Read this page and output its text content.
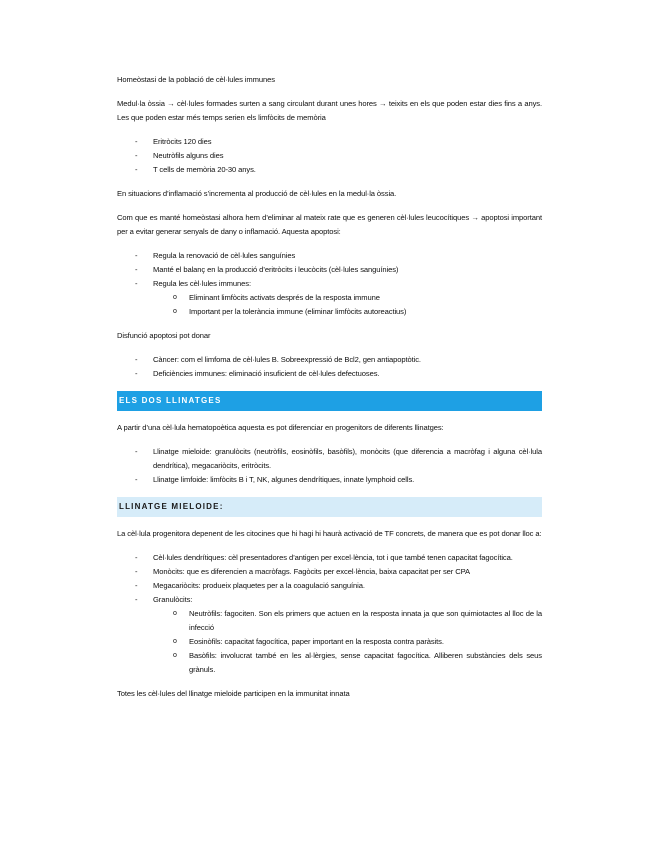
Homeòstasi de la població de cèl·lules immunes

Medul·la òssia → cèl·lules formades surten a sang circulant durant unes hores → teixits en els que poden estar dies fins a anys. Les que poden estar més temps serien els limfòcits de memòria

- Eritròcits 120 dies
- Neutròfils alguns dies
- T cells de memòria 20-30 anys.

En situacions d’inflamació s’incrementa al producció de cèl·lules en la medul·la òssia.

Com que es manté homeòstasi alhora hem d’eliminar al mateix rate que es generen cèl·lules leucocítiques → apoptosi important per a evitar generar senyals de dany o inflamació. Aquesta apoptosi:

- Regula la renovació de cèl·lules sanguínies
- Manté el balanç en la producció d’eritròcits i leucòcits (cèl·lules sanguínies)
- Regula les cèl·lules immunes:
o Eliminant limfòcits activats després de la resposta immune
o Important per la tolerància immune (eliminar limfòcits autoreactius)

Disfunció apoptosi pot donar

- Càncer: com el limfoma de cèl·lules B. Sobreexpressió de Bcl2, gen antiapoptòtic.
- Deficiències immunes: eliminació insuficient de cèl·lules defectuoses.
ELS DOS LLINATGES

A partir d’una cèl·lula hematopoètica aquesta es pot diferenciar en progenitors de diferents llinatges:

- Llinatge mieloide: granulòcits (neutròfils, eosinòfils, basòfils), monòcits (que diferencia a macròfag i alguna cèl·lula dendrítica), megacariòcits, eritròcits.
- Llinatge limfoide: limfòcits B i T, NK, algunes dendrítiques, innate lymphoid cells.
LLINATGE MIELOIDE:

La cèl·lula progenitora depenent de les citocines que hi hagi hi haurà activació de TF concrets, de manera que es pot donar lloc a:

- Cèl·lules dendrítiques: cèl presentadores d’antigen per excel·lència, tot i que també tenen capacitat fagocítica.
- Monòcits: que es diferencien a macròfags. Fagòcits per excel·lència, baixa capacitat per ser CPA
- Megacariòcits: produeix plaquetes per a la coagulació sanguínia.
- Granulòcits:
o Neutròfils: fagociten. Son els primers que actuen en la resposta innata ja que son quimiotactes al lloc de la infecció
o Eosinòfils: capacitat fagocítica, paper important en la resposta contra paràsits.
o Basòfils: involucrat també en les al·lèrgies, sense capacitat fagocítica. Alliberen substàncies dels seus grànuls.

Totes les cèl·lules del llinatge mieloide participen en la immunitat innata
